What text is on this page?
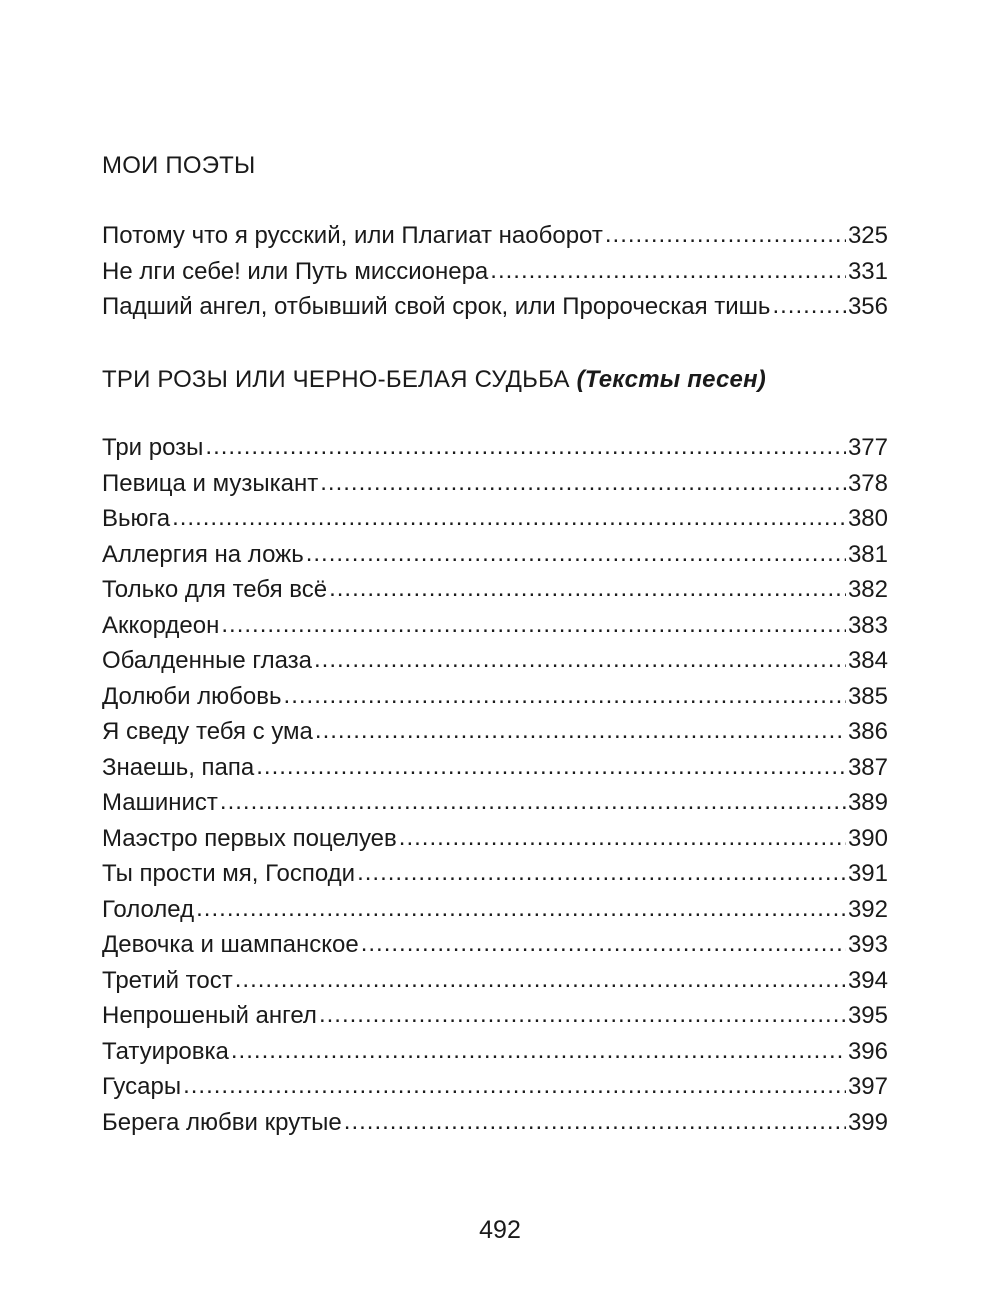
МОИ ПОЭТЫ
Потому что я русский, или Плагиат наоборот .....	325
Не лги себе! или Путь миссионера .....	331
Падший ангел, отбывший свой срок, или Пророческая тишь .....	356
ТРИ РОЗЫ ИЛИ ЧЕРНО-БЕЛАЯ СУДЬБА (Тексты песен)
Три розы .....	377
Певица и музыкант .....	378
Вьюга .....	380
Аллергия на ложь .....	381
Только для тебя всё .....	382
Аккордеон .....	383
Обалденные глаза .....	384
Долюби любовь .....	385
Я сведу тебя с ума .....	386
Знаешь, папа .....	387
Машинист .....	389
Маэстро первых поцелуев .....	390
Ты прости мя, Господи .....	391
Гололед .....	392
Девочка и шампанское .....	393
Третий тост .....	394
Непрошеный ангел .....	395
Татуировка .....	396
Гусары .....	397
Берега любви крутые .....	399
492
